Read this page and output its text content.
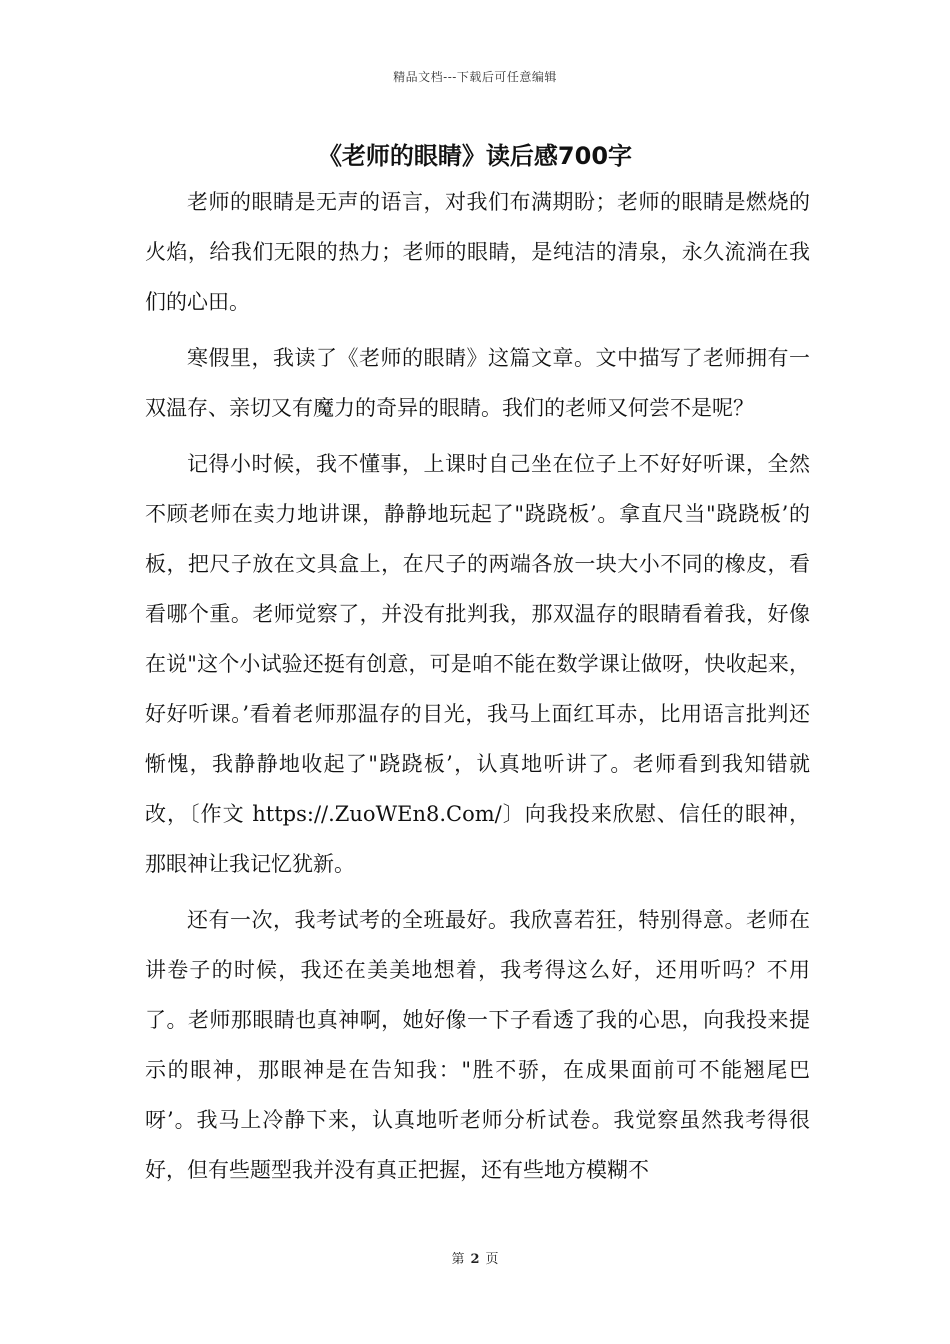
精品文档---下载后可任意编辑
《老师的眼睛》读后感700字

老师的眼睛是无声的语言，对我们布满期盼；老师的眼睛是燃烧的火焰，给我们无限的热力；老师的眼睛，是纯洁的清泉，永久流淌在我们的心田。

寒假里，我读了《老师的眼睛》这篇文章。文中描写了老师拥有一双温存、亲切又有魔力的奇异的眼睛。我们的老师又何尝不是呢？

记得小时候，我不懂事，上课时自己坐在位子上不好好听课，全然不顾老师在卖力地讲课，静静地玩起了"跷跷板’。拿直尺当"跷跷板’的板，把尺子放在文具盒上，在尺子的两端各放一块大小不同的橡皮，看看哪个重。老师觉察了，并没有批判我，那双温存的眼睛看着我，好像在说"这个小试验还挺有创意，可是咱不能在数学课让做呀，快收起来，好好听课。’看着老师那温存的目光，我马上面红耳赤，比用语言批判还惭愧，我静静地收起了"跷跷板’，认真地听讲了。老师看到我知错就改，〔作文 https://.ZuoWEn8.Com/〕向我投来欣慰、信任的眼神，那眼神让我记忆犹新。

还有一次，我考试考的全班最好。我欣喜若狂，特别得意。老师在讲卷子的时候，我还在美美地想着，我考得这么好，还用听吗？不用了。老师那眼睛也真神啊，她好像一下子看透了我的心思，向我投来提示的眼神，那眼神是在告知我："胜不骄，在成果面前可不能翘尾巴呀’。我马上冷静下来，认真地听老师分析试卷。我觉察虽然我考得很好，但有些题型我并没有真正把握，还有些地方模糊不

第 2 页
